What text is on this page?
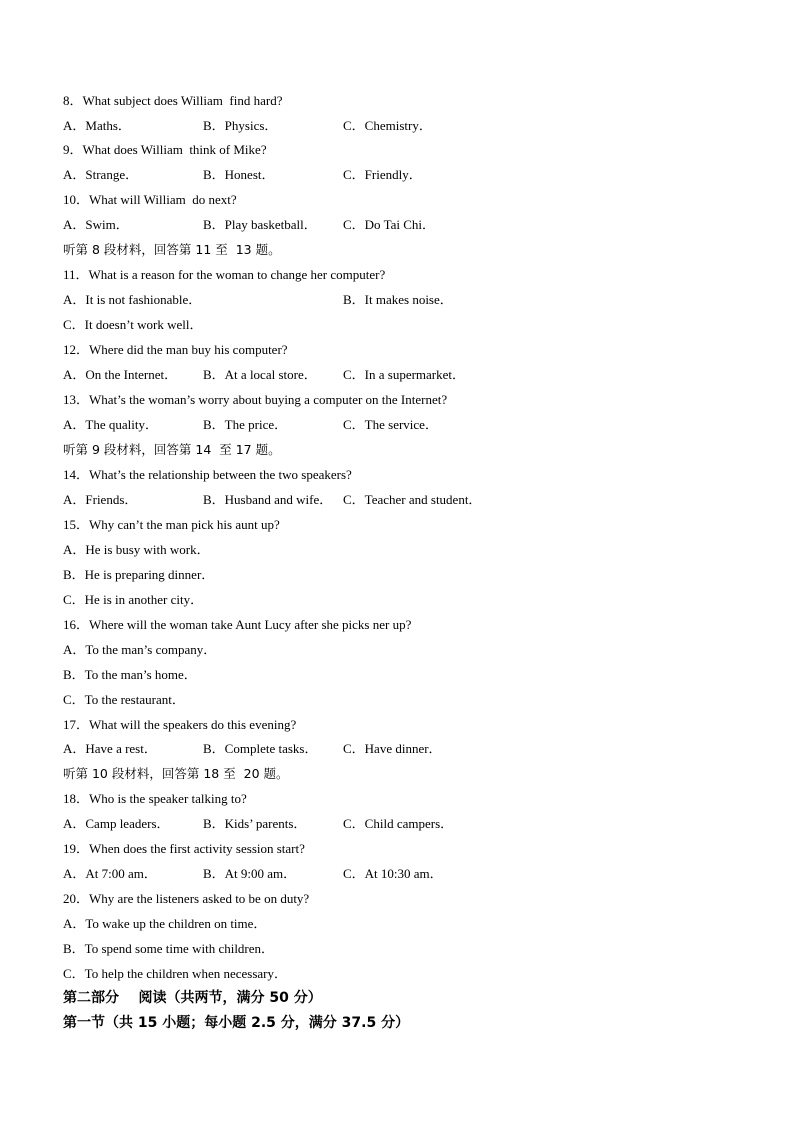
8．What subject does William  find hard?

A．Maths．

	B．Physics．

	C．Chemistry．

9．What does William  think of Mike?

A．Strange．

	B．Honest．

	C．Friendly．

10．What will William  do next?

A．Swim．

	B．Play basketball．

C．Do Tai Chi．

听第 8 段材料，回答第 11 至  13 题。
11．What is a reason for the woman to change her computer?

A．It is not fashionable．

	B．It makes noise．

C．It doesn’t work well．
12．Where did the man buy his computer?

A．On the Internet．

B．At a local store．

C．In a supermarket．

13．What’s the woman’s worry about buying a computer on the Internet?

A．The quality．

	B．The price．

	C．The service．

听第 9 段材料，回答第 14  至 17 题。
14．What’s the relationship between the two speakers?

A．Friends．

	B．Husband and wife．

C．Teacher and student．

15．Why can’t the man pick his aunt up?
A．He is busy with work．
B．He is preparing dinner．
C．He is in another city．
16．Where will the woman take Aunt Lucy after she picks ner up?
A．To the man’s company．
B．To the man’s home．
C．To the restaurant．
17．What will the speakers do this evening?

A．Have a rest．

	B．Complete tasks．

C．Have dinner．

听第 10 段材料，回答第 18 至  20 题。
18．Who is the speaker talking to?

A．Camp leaders．

	B．Kids’ parents．

	C．Child campers．

19．When does the first activity session start?

A．At 7:00 am．

	B．At 9:00 am．

	C．At 10:30 am．

20．Why are the listeners asked to be on duty?
A．To wake up the children on time．
B．To spend some time with children．
C．To help the children when necessary．
第二部分    阅读（共两节，满分 50 分）
第一节（共 15 小题；每小题 2.5 分，满分 37.5 分）
